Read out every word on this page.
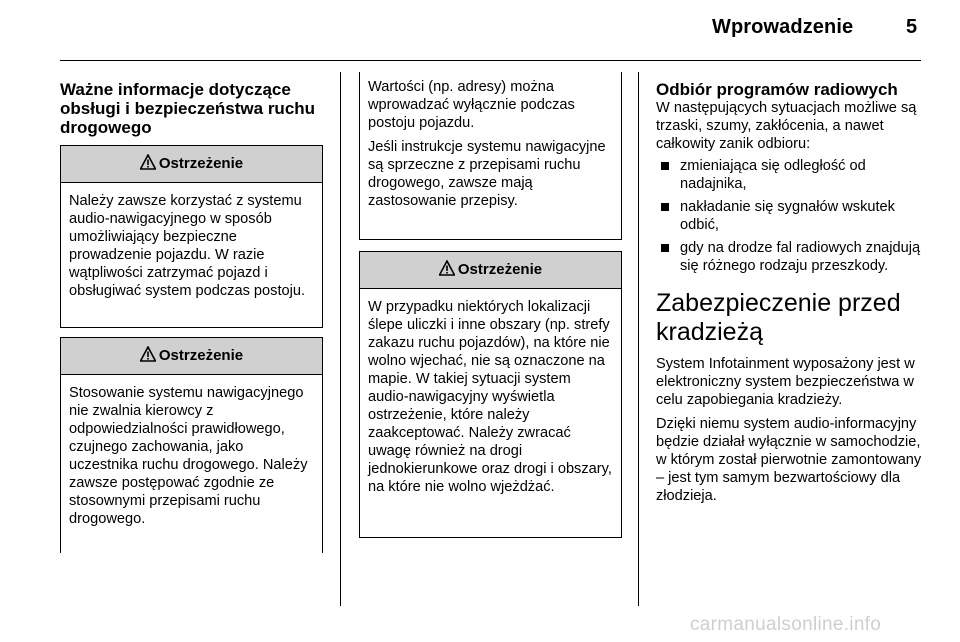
Wprowadzenie	5
Ważne informacje dotyczące obsługi i bezpieczeństwa ruchu drogowego
Ostrzeżenie

Należy zawsze korzystać z systemu audio-nawigacyjnego w sposób umożliwiający bezpieczne prowadzenie pojazdu. W razie wątpliwości zatrzymać pojazd i obsługiwać system podczas postoju.

Ostrzeżenie

Stosowanie systemu nawigacyjnego nie zwalnia kierowcy z odpowiedzialności prawidłowego, czujnego zachowania, jako uczestnika ruchu drogowego. Należy zawsze postępować zgodnie ze stosownymi przepisami ruchu drogowego.

Wartości (np. adresy) można wprowadzać wyłącznie podczas postoju pojazdu.

Jeśli instrukcje systemu nawigacyjne są sprzeczne z przepisami ruchu drogowego, zawsze mają zastosowanie przepisy.

Ostrzeżenie

W przypadku niektórych lokalizacji ślepe uliczki i inne obszary (np. strefy zakazu ruchu pojazdów), na które nie wolno wjechać, nie są oznaczone na mapie. W takiej sytuacji system audio-nawigacyjny wyświetla ostrzeżenie, które należy zaakceptować. Należy zwracać uwagę również na drogi jednokierunkowe oraz drogi i obszary, na które nie wolno wjeżdżać.

Odbiór programów radiowych

W następujących sytuacjach możliwe są trzaski, szumy, zakłócenia, a nawet całkowity zanik odbioru:

zmieniająca się odległość od nadajnika,
nakładanie się sygnałów wskutek odbić,
gdy na drodze fal radiowych znajdują się różnego rodzaju przeszkody.
Zabezpieczenie przed kradzieżą

System Infotainment wyposażony jest w elektroniczny system bezpieczeństwa w celu zapobiegania kradzieży.

Dzięki niemu system audio-informacyjny będzie działał wyłącznie w samochodzie, w którym został pierwotnie zamontowany – jest tym samym bezwartościowy dla złodzieja.

carmanualsonline.info
